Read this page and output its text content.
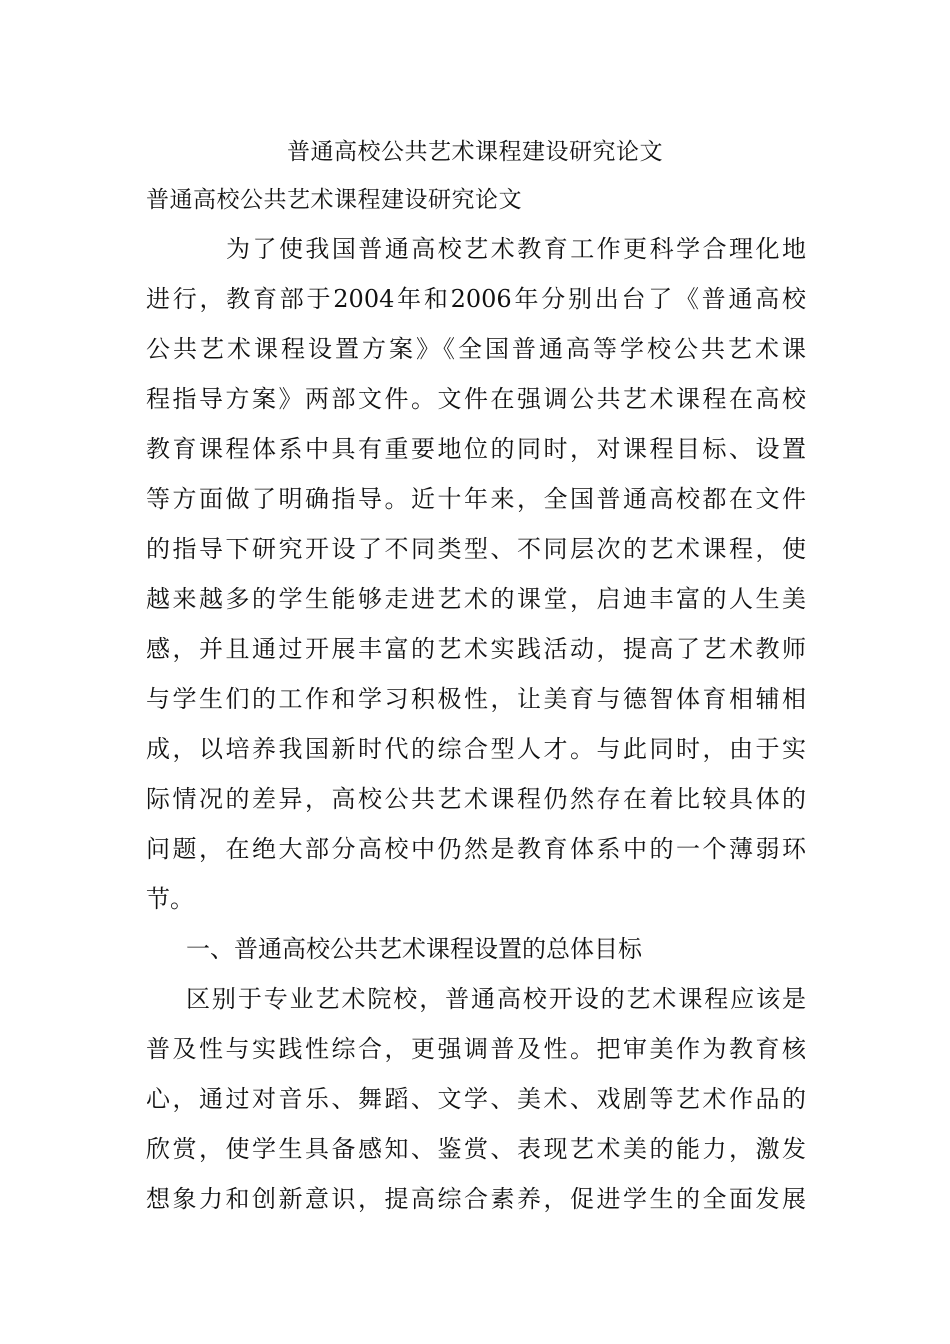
普通高校公共艺术课程建设研究论文
普通高校公共艺术课程建设研究论文
为了使我国普通高校艺术教育工作更科学合理化地
进行，教育部于2004年和2006年分别出台了《普通高校
公共艺术课程设置方案》《全国普通高等学校公共艺术课
程指导方案》两部文件。文件在强调公共艺术课程在高校
教育课程体系中具有重要地位的同时，对课程目标、设置
等方面做了明确指导。近十年来，全国普通高校都在文件
的指导下研究开设了不同类型、不同层次的艺术课程，使
越来越多的学生能够走进艺术的课堂，启迪丰富的人生美
感，并且通过开展丰富的艺术实践活动，提高了艺术教师
与学生们的工作和学习积极性，让美育与德智体育相辅相
成，以培养我国新时代的综合型人才。与此同时，由于实
际情况的差异，高校公共艺术课程仍然存在着比较具体的
问题，在绝大部分高校中仍然是教育体系中的一个薄弱环
节。
一、普通高校公共艺术课程设置的总体目标
区别于专业艺术院校，普通高校开设的艺术课程应该是
普及性与实践性综合，更强调普及性。把审美作为教育核
心，通过对音乐、舞蹈、文学、美术、戏剧等艺术作品的
欣赏，使学生具备感知、鉴赏、表现艺术美的能力，激发
想象力和创新意识，提高综合素养，促进学生的全面发展
